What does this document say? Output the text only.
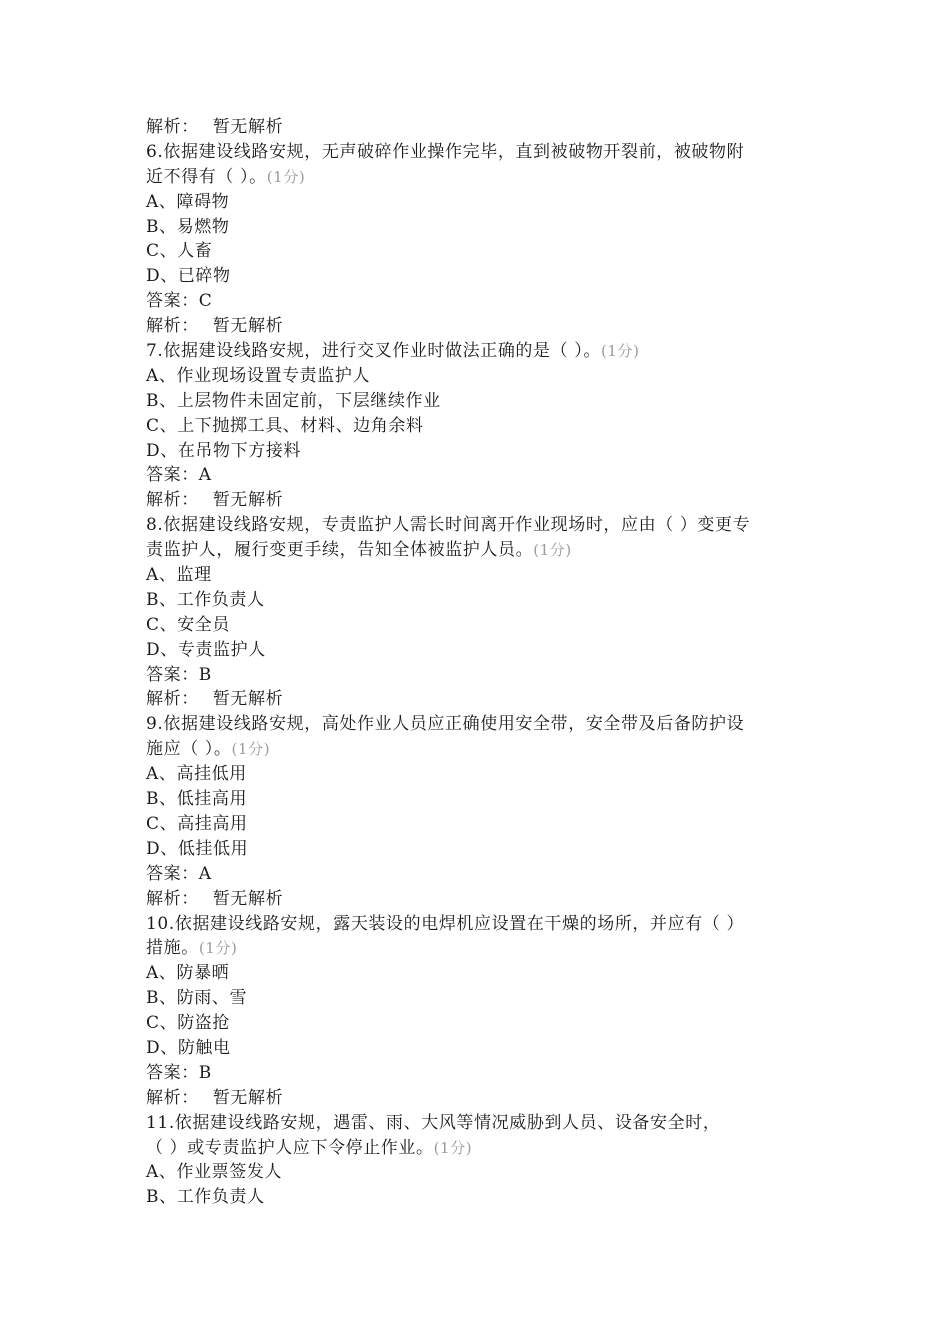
解析： 暂无解析
6.依据建设线路安规，无声破碎作业操作完毕，直到被破物开裂前，被破物附
近不得有（ ）。(1分)
A、障碍物
B、易燃物
C、人畜
D、已碎物
答案：C
解析： 暂无解析
7.依据建设线路安规，进行交叉作业时做法正确的是（ ）。(1分)
A、作业现场设置专责监护人
B、上层物件未固定前，下层继续作业
C、上下抛掷工具、材料、边角余料
D、在吊物下方接料
答案：A
解析： 暂无解析
8.依据建设线路安规，专责监护人需长时间离开作业现场时，应由（ ）变更专
责监护人，履行变更手续，告知全体被监护人员。(1分)
A、监理
B、工作负责人
C、安全员
D、专责监护人
答案：B
解析： 暂无解析
9.依据建设线路安规，高处作业人员应正确使用安全带，安全带及后备防护设
施应（ ）。(1分)
A、高挂低用
B、低挂高用
C、高挂高用
D、低挂低用
答案：A
解析： 暂无解析
10.依据建设线路安规，露天装设的电焊机应设置在干燥的场所，并应有（ ）
措施。(1分)
A、防暴晒
B、防雨、雪
C、防盗抢
D、防触电
答案：B
解析： 暂无解析
11.依据建设线路安规，遇雷、雨、大风等情况威胁到人员、设备安全时，
（ ）或专责监护人应下令停止作业。(1分)
A、作业票签发人
B、工作负责人
